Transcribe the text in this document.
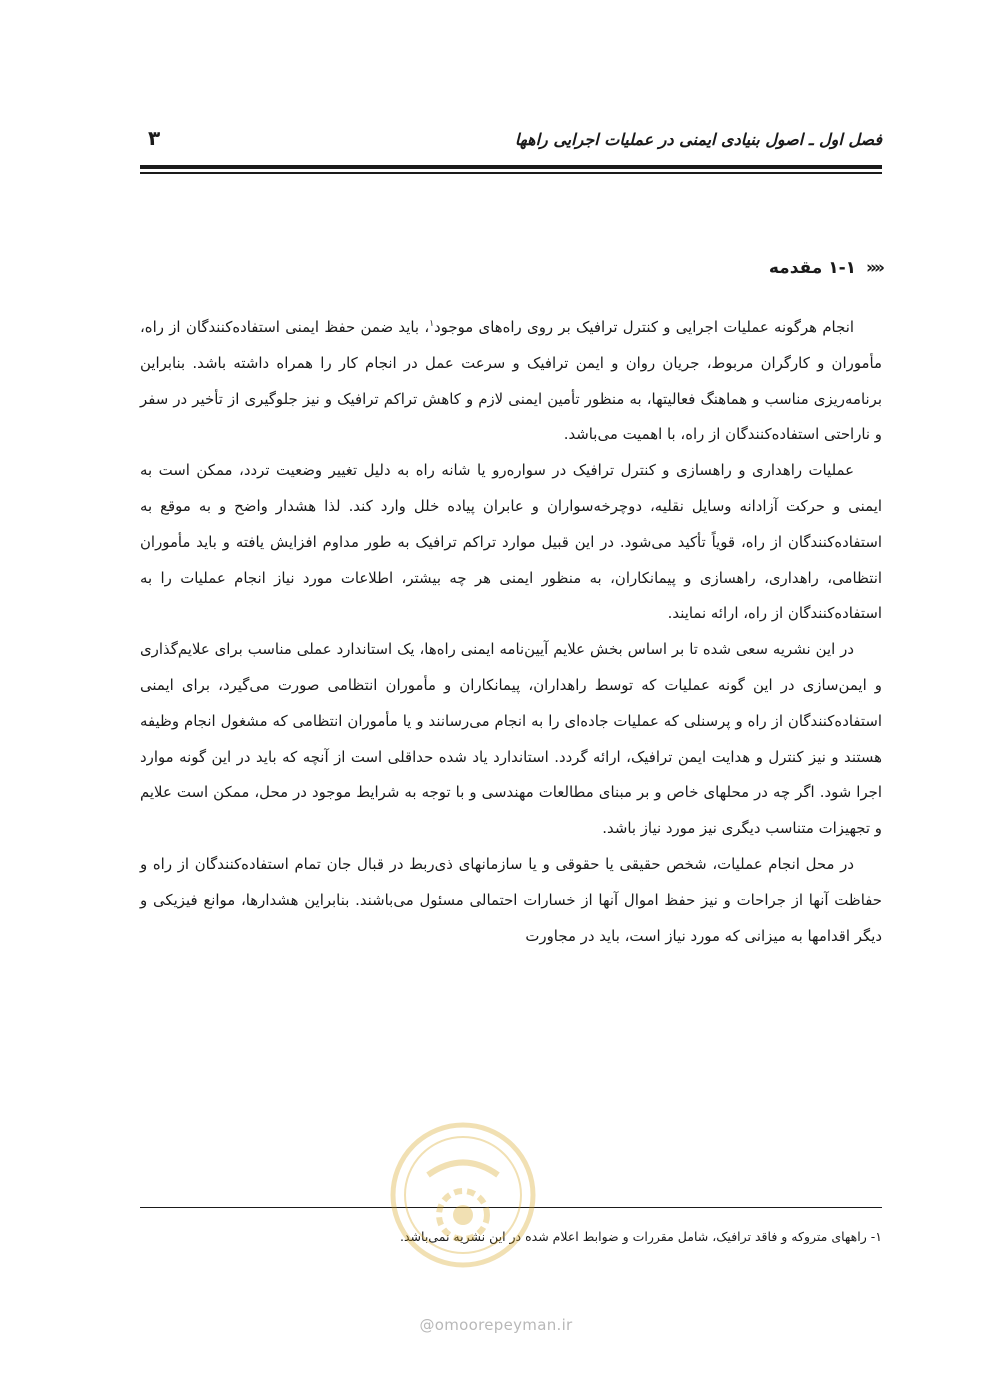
فصل اول ـ اصول بنیادی ایمنی در عملیات اجرایی راهها
۳
««
۱-۱ مقدمه

انجام هرگونه عملیات اجرایی و کنترل ترافیک بر روی راه‌های موجود$^۱$، باید ضمن حفظ ایمنی استفاده‌کنندگان از راه، مأموران و کارگران مربوط، جریان روان و ایمن ترافیک و سرعت عمل در انجام کار را همراه داشته باشد. بنابراین برنامه‌ریزی مناسب و هماهنگ فعالیتها، به منظور تأمین ایمنی لازم و کاهش تراکم ترافیک و نیز جلوگیری از تأخیر در سفر و ناراحتی استفاده‌کنندگان از راه، با اهمیت می‌باشد.

عملیات راهداری و راهسازی و کنترل ترافیک در سواره‌رو یا شانه راه به دلیل تغییر وضعیت تردد، ممکن است به ایمنی و حرکت آزادانه وسایل نقلیه، دوچرخه‌سواران و عابران پیاده خلل وارد کند. لذا هشدار واضح و به موقع به استفاده‌کنندگان از راه، قویاً تأکید می‌شود. در این قبیل موارد تراکم ترافیک به طور مداوم افزایش یافته و باید مأموران انتظامی، راهداری، راهسازی و پیمانکاران، به منظور ایمنی هر چه بیشتر، اطلاعات مورد نیاز انجام عملیات را به استفاده‌کنندگان از راه، ارائه نمایند.

در این نشریه سعی شده تا بر اساس بخش علایم آیین‌نامه ایمنی راه‌ها، یک استاندارد عملی مناسب برای علایم‌گذاری و ایمن‌سازی در این گونه عملیات که توسط راهداران، پیمانکاران و مأموران انتظامی صورت می‌گیرد، برای ایمنی استفاده‌کنندگان از راه و پرسنلی که عملیات جاده‌ای را به انجام می‌رسانند و یا مأموران انتظامی که مشغول انجام وظیفه هستند و نیز کنترل و هدایت ایمن ترافیک، ارائه گردد. استاندارد یاد شده حداقلی است از آنچه که باید در این گونه موارد اجرا شود. اگر چه در محلهای خاص و بر مبنای مطالعات مهندسی و با توجه به شرایط موجود در محل، ممکن است علایم و تجهیزات متناسب دیگری نیز مورد نیاز باشد.

در محل انجام عملیات، شخص حقیقی یا حقوقی و یا سازمانهای ذی‌ربط در قبال جان تمام استفاده‌کنندگان از راه و حفاظت آنها از جراحات و نیز حفظ اموال آنها از خسارات احتمالی مسئول می‌باشند. بنابراین هشدارها، موانع فیزیکی و دیگر اقدامها به میزانی که مورد نیاز است، باید در مجاورت

۱- راههای متروکه و فاقد ترافیک، شامل مقررات و ضوابط اعلام شده در این نشریه نمی‌باشد.
@omoorepeyman.ir
